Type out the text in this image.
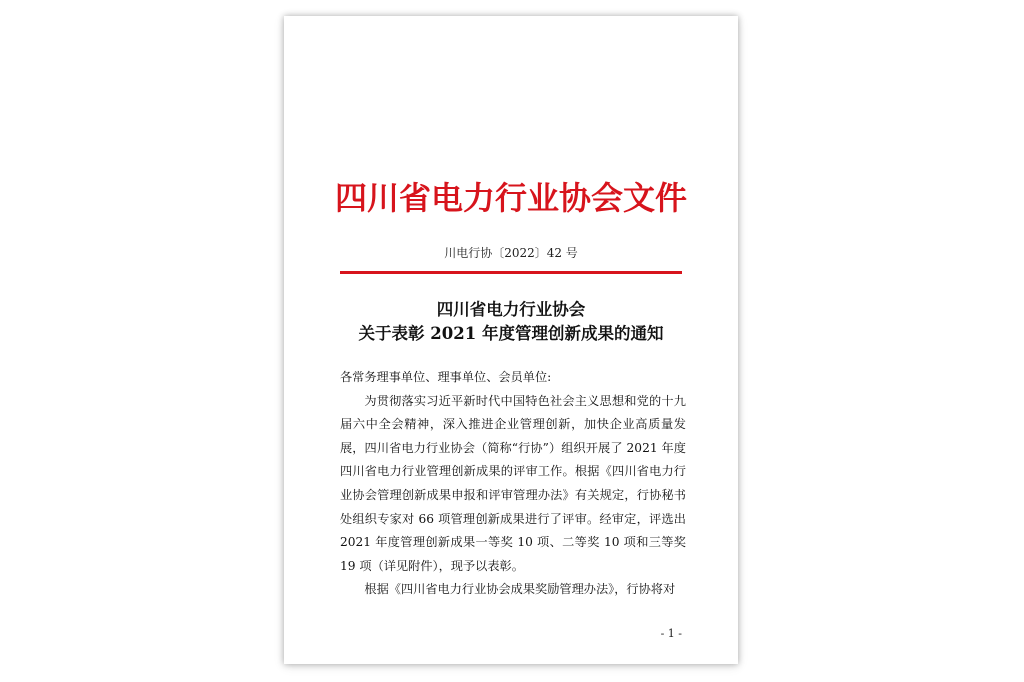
四川省电力行业协会文件
川电行协〔2022〕42 号
四川省电力行业协会
关于表彰 2021 年度管理创新成果的通知

各常务理事单位、理事单位、会员单位:

为贯彻落实习近平新时代中国特色社会主义思想和党的十九届六中全会精神，深入推进企业管理创新，加快企业高质量发展，四川省电力行业协会（简称“行协”）组织开展了 2021 年度四川省电力行业管理创新成果的评审工作。根据《四川省电力行业协会管理创新成果申报和评审管理办法》有关规定，行协秘书处组织专家对 66 项管理创新成果进行了评审。经审定，评选出 2021 年度管理创新成果一等奖 10 项、二等奖 10 项和三等奖 19 项（详见附件），现予以表彰。

根据《四川省电力行业协会成果奖励管理办法》，行协将对

- 1 -
